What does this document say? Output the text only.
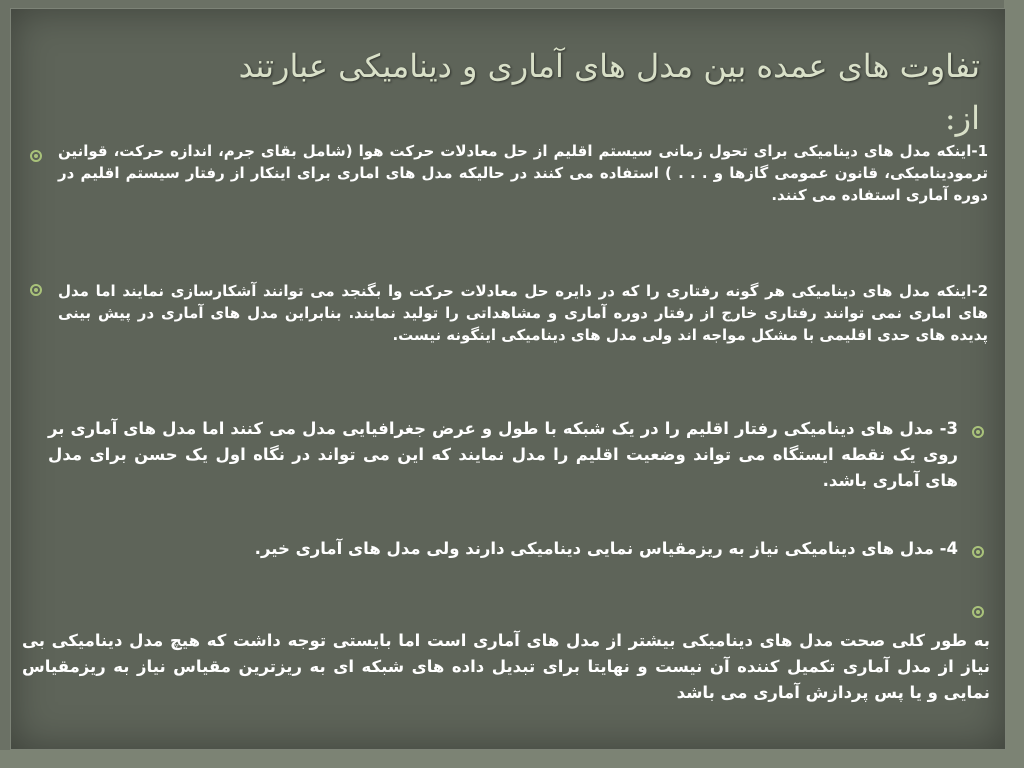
تفاوت های عمده بین مدل های آماری و دینامیکی عبارتند
از:
1-اینکه مدل های دینامیکی برای تحول زمانی سیستم اقلیم از حل معادلات حرکت هوا (شامل بقای جرم، اندازه حرکت، قوانین ترمودینامیکی، قانون عمومی گازها و . . . ) استفاده می کنند در حالیکه مدل های اماری برای اینکار از رفتار سیستم اقلیم در دوره آماری استفاده می کنند.
2-اینکه مدل های دینامیکی هر گونه رفتاری را که در دایره حل معادلات حرکت وا بگنجد می توانند آشکارسازی نمایند اما مدل های اماری نمی توانند رفتاری خارج از رفتار دوره آماری و مشاهداتی را تولید نمایند. بنابراین مدل های آماری در پیش بینی پدیده های حدی اقلیمی با مشکل مواجه اند ولی مدل های دینامیکی اینگونه نیست.
3- مدل های دینامیکی رفتار اقلیم را در یک شبکه با طول و عرض جغرافیایی مدل می کنند اما مدل های آماری بر روی یک نقطه ایستگاه می تواند وضعیت اقلیم را مدل نمایند که این می تواند در نگاه اول یک حسن برای مدل های آماری باشد.
4- مدل های دینامیکی نیاز به ریزمقیاس نمایی دینامیکی دارند ولی مدل های آماری خیر.
به طور کلی صحت مدل های دینامیکی بیشتر از مدل های آماری است اما بایستی توجه داشت که هیچ مدل دینامیکی بی نیاز از مدل آماری تکمیل کننده آن نیست و نهایتا برای تبدیل داده های شبکه ای به ریزترین مقیاس نیاز به ریزمقیاس نمایی و یا پس پردازش آماری می باشد
